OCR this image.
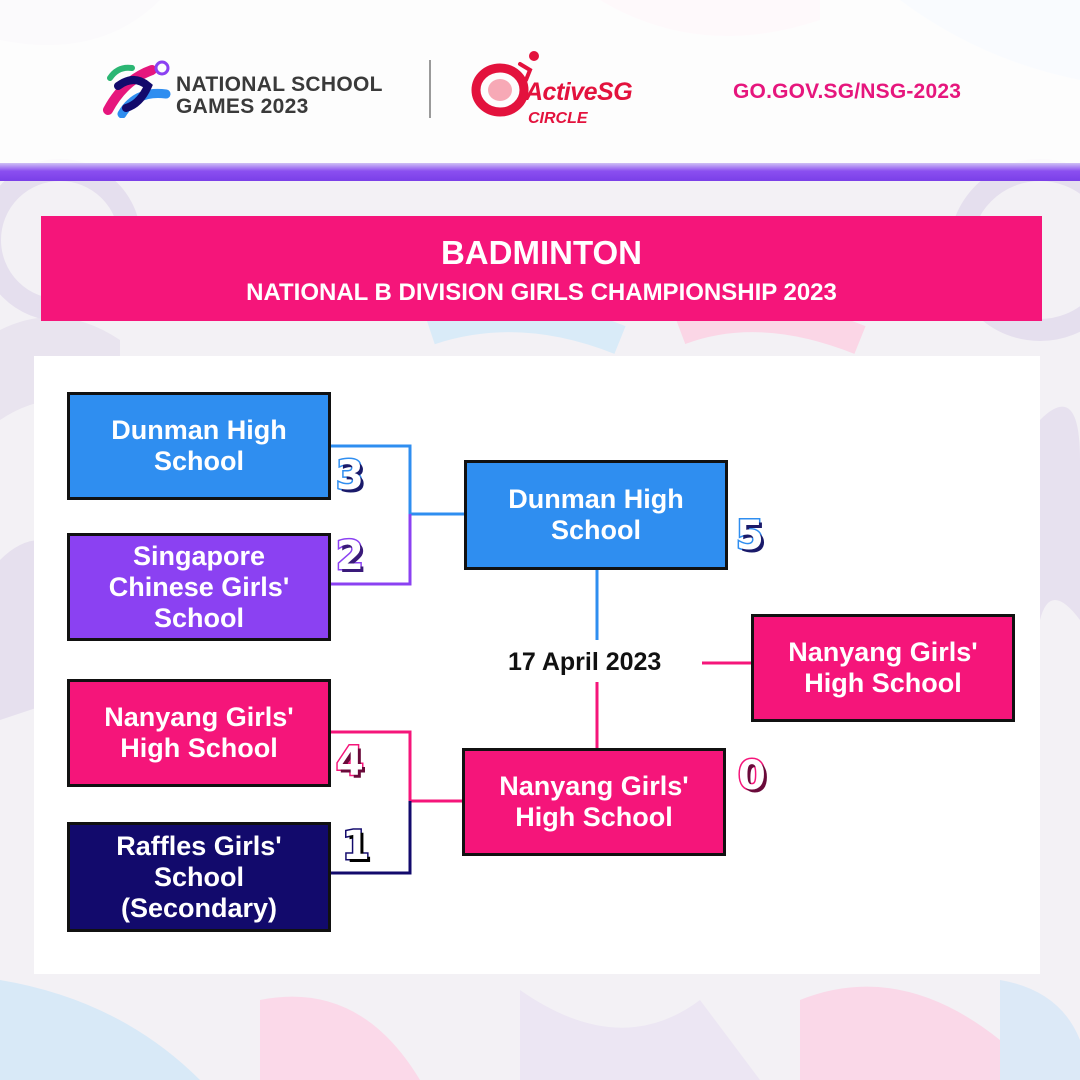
NATIONAL SCHOOL
GAMES 2023
ActiveSG
CIRCLE
GO.GOV.SG/NSG-2023
BADMINTON
NATIONAL B DIVISION GIRLS CHAMPIONSHIP 2023
Dunman High School	3
Singapore Chinese Girls' School
2
Nanyang Girls' High School	4
Raffles Girls' School (Secondary)
1
Dunman High School	5
Nanyang Girls' High School
0
17 April 2023	Nanyang Girls' High School
